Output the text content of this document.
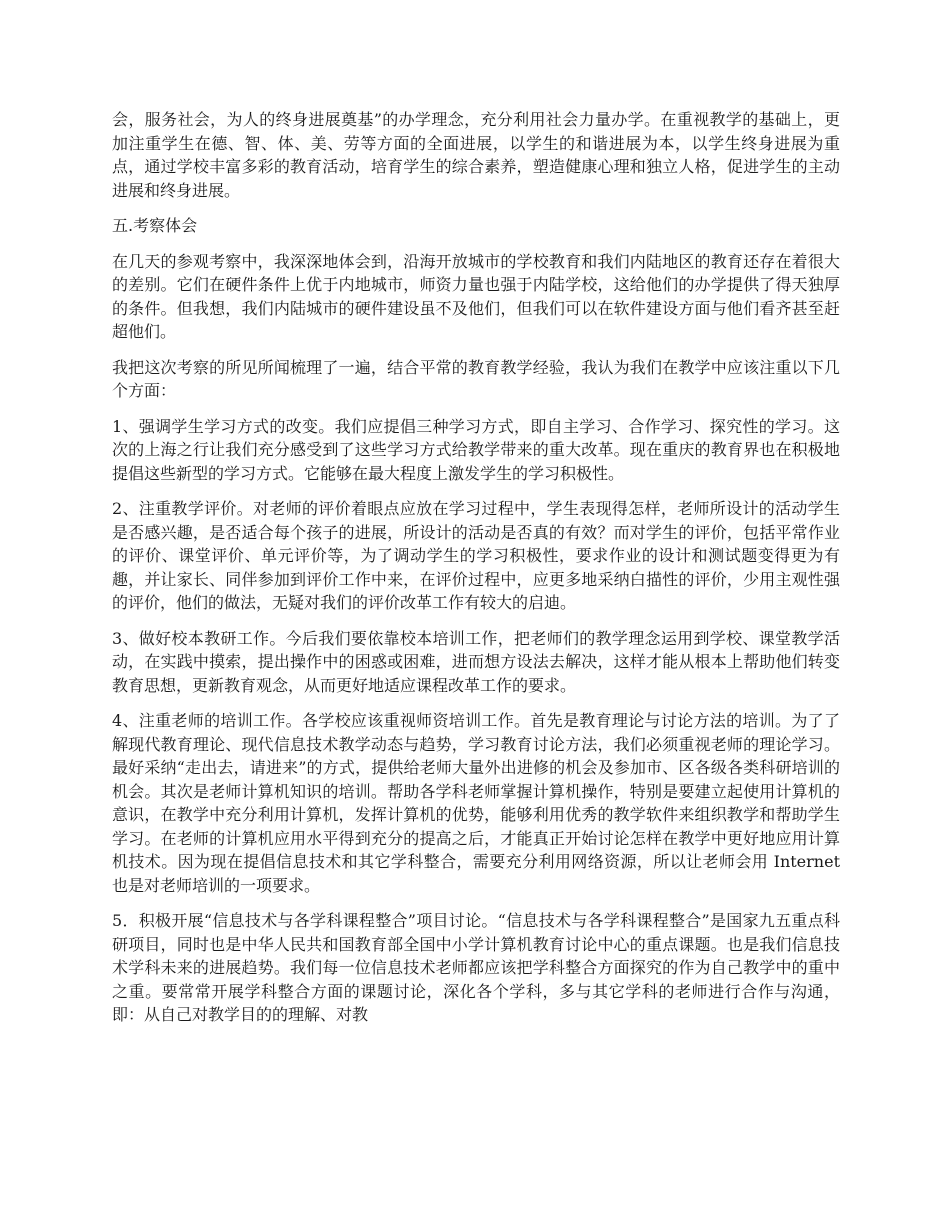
会，服务社会，为人的终身进展奠基”的办学理念，充分利用社会力量办学。在重视教学的基础上，更加注重学生在德、智、体、美、劳等方面的全面进展，以学生的和谐进展为本，以学生终身进展为重点，通过学校丰富多彩的教育活动，培育学生的综合素养，塑造健康心理和独立人格，促进学生的主动进展和终身进展。

五.考察体会

在几天的参观考察中，我深深地体会到，沿海开放城市的学校教育和我们内陆地区的教育还存在着很大的差别。它们在硬件条件上优于内地城市，师资力量也强于内陆学校，这给他们的办学提供了得天独厚的条件。但我想，我们内陆城市的硬件建设虽不及他们，但我们可以在软件建设方面与他们看齐甚至赶超他们。

我把这次考察的所见所闻梳理了一遍，结合平常的教育教学经验，我认为我们在教学中应该注重以下几个方面：

1、强调学生学习方式的改变。我们应提倡三种学习方式，即自主学习、合作学习、探究性的学习。这次的上海之行让我们充分感受到了这些学习方式给教学带来的重大改革。现在重庆的教育界也在积极地提倡这些新型的学习方式。它能够在最大程度上激发学生的学习积极性。

2、注重教学评价。对老师的评价着眼点应放在学习过程中，学生表现得怎样，老师所设计的活动学生是否感兴趣，是否适合每个孩子的进展，所设计的活动是否真的有效？而对学生的评价，包括平常作业的评价、课堂评价、单元评价等，为了调动学生的学习积极性，要求作业的设计和测试题变得更为有趣，并让家长、同伴参加到评价工作中来，在评价过程中，应更多地采纳白描性的评价，少用主观性强的评价，他们的做法，无疑对我们的评价改革工作有较大的启迪。

3、做好校本教研工作。今后我们要依靠校本培训工作，把老师们的教学理念运用到学校、课堂教学活动，在实践中摸索，提出操作中的困惑或困难，进而想方设法去解决，这样才能从根本上帮助他们转变教育思想，更新教育观念，从而更好地适应课程改革工作的要求。

4、注重老师的培训工作。各学校应该重视师资培训工作。首先是教育理论与讨论方法的培训。为了了解现代教育理论、现代信息技术教学动态与趋势，学习教育讨论方法，我们必须重视老师的理论学习。最好采纳“走出去，请进来”的方式，提供给老师大量外出进修的机会及参加市、区各级各类科研培训的机会。其次是老师计算机知识的培训。帮助各学科老师掌握计算机操作，特别是要建立起使用计算机的意识，在教学中充分利用计算机，发挥计算机的优势，能够利用优秀的教学软件来组织教学和帮助学生学习。在老师的计算机应用水平得到充分的提高之后，才能真正开始讨论怎样在教学中更好地应用计算机技术。因为现在提倡信息技术和其它学科整合，需要充分利用网络资源，所以让老师会用 Internet 也是对老师培训的一项要求。

5．积极开展“信息技术与各学科课程整合”项目讨论。“信息技术与各学科课程整合”是国家九五重点科研项目，同时也是中华人民共和国教育部全国中小学计算机教育讨论中心的重点课题。也是我们信息技术学科未来的进展趋势。我们每一位信息技术老师都应该把学科整合方面探究的作为自己教学中的重中之重。要常常开展学科整合方面的课题讨论，深化各个学科，多与其它学科的老师进行合作与沟通，即：从自己对教学目的的理解、对教
